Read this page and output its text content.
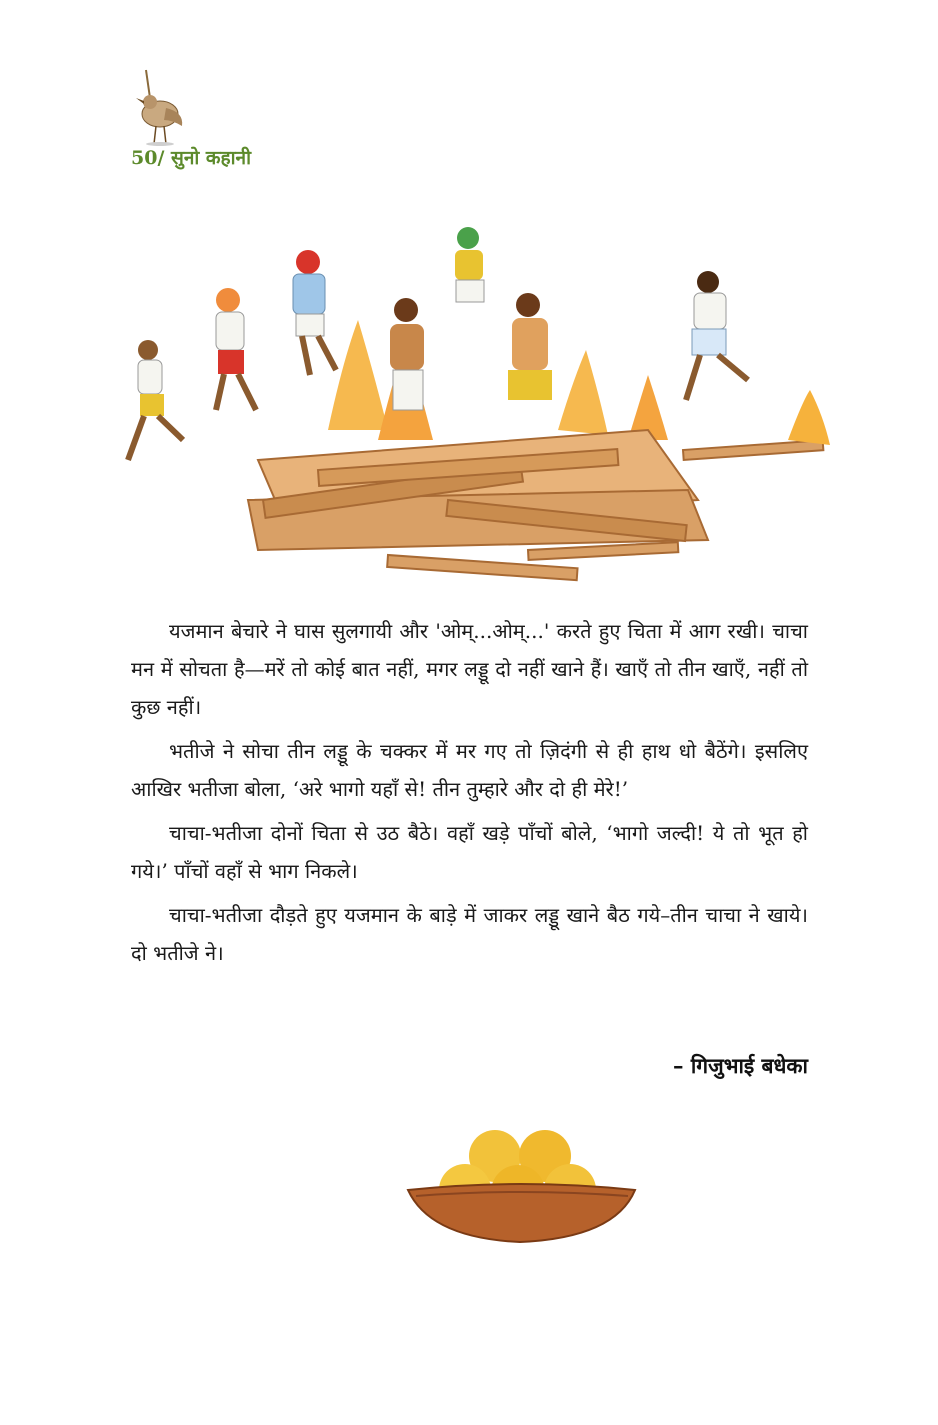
50/ सुनो कहानी

यजमान बेचारे ने घास सुलगायी और 'ओम्...ओम्...' करते हुए चिता में आग रखी। चाचा मन में सोचता है—मरें तो कोई बात नहीं, मगर लड्डू दो नहीं खाने हैं। खाएँ तो तीन खाएँ, नहीं तो कुछ नहीं।

भतीजे ने सोचा तीन लड्डू के चक्कर में मर गए तो ज़िदंगी से ही हाथ धो बैठेंगे। इसलिए आखिर भतीजा बोला, ‘अरे भागो यहाँ से! तीन तुम्हारे और दो ही मेरे!’

चाचा-भतीजा दोनों चिता से उठ बैठे। वहाँ खड़े पाँचों बोले, ‘भागो जल्दी! ये तो भूत हो गये।’ पाँचों वहाँ से भाग निकले।

चाचा-भतीजा दौड़ते हुए यजमान के बाड़े में जाकर लड्डू खाने बैठ गये–तीन चाचा ने खाये। दो भतीजे ने।

– गिजुभाई बधेका
